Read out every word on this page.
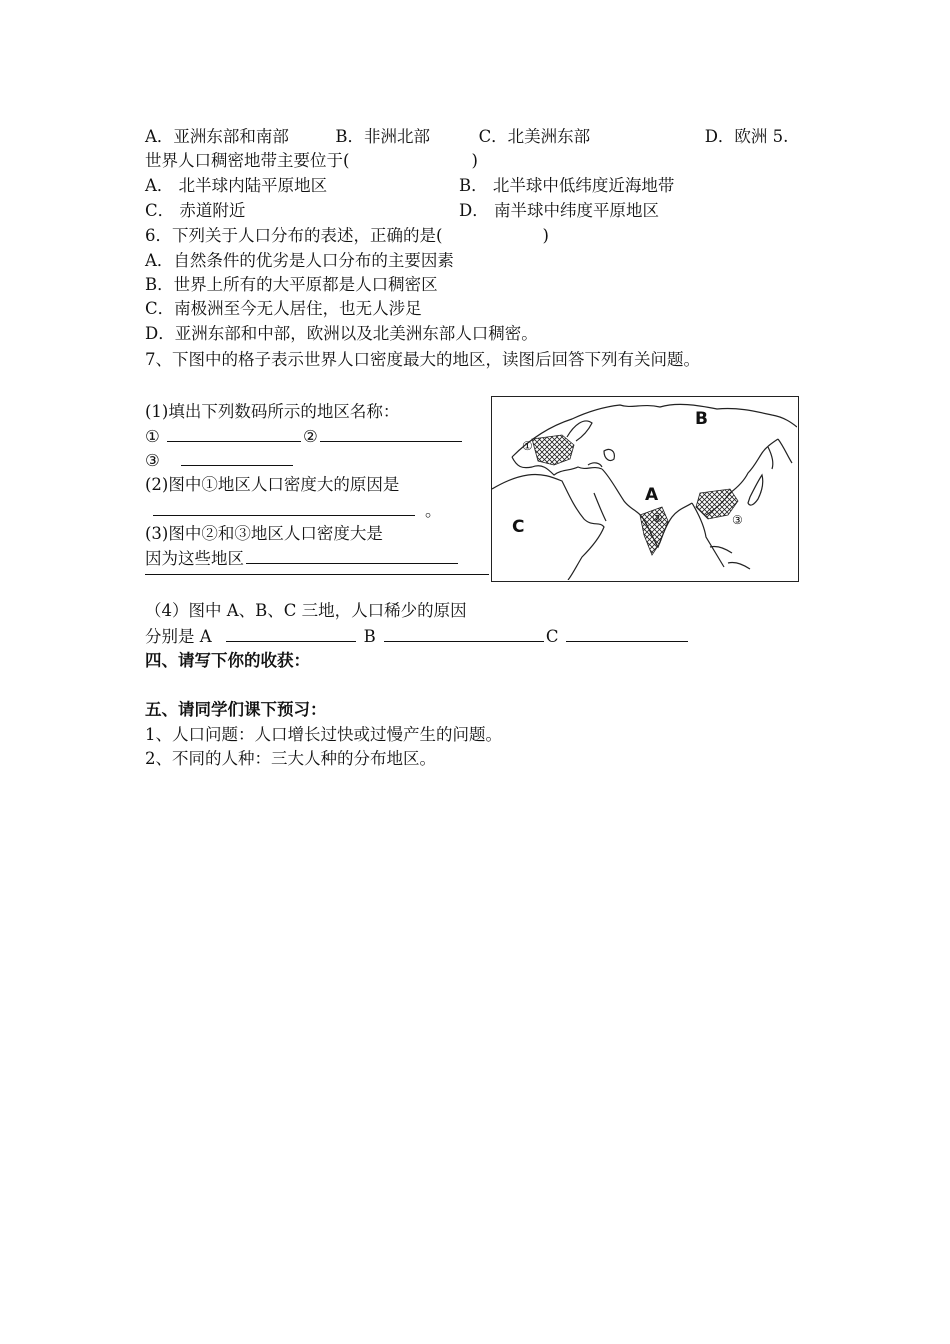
A．亚洲东部和南部	B．非洲北部	C．北美洲东部	D．欧洲 5.
世界人口稠密地带主要位于(	)
A． 北半球内陆平原地区	B． 北半球中低纬度近海地带
C． 赤道附近	D． 南半球中纬度平原地区
6．下列关于人口分布的表述，正确的是(	)
A．自然条件的优劣是人口分布的主要因素
B．世界上所有的大平原都是人口稠密区
C．南极洲至今无人居住，也无人涉足
D．亚洲东部和中部，欧洲以及北美洲东部人口稠密。
7、下图中的格子表示世界人口密度最大的地区，读图后回答下列有关问题。
(1)填出下列数码所示的地区名称：
①	②
③
(2)图中①地区人口密度大的原因是
。
(3)图中②和③地区人口密度大是
因为这些地区
B
A
C
①
②	③
（4）图中 A、B、C 三地，人口稀少的原因
分别是 A	B	C
四、请写下你的收获：
五、请同学们课下预习：
1、人口问题：人口增长过快或过慢产生的问题。
2、不同的人种：三大人种的分布地区。
